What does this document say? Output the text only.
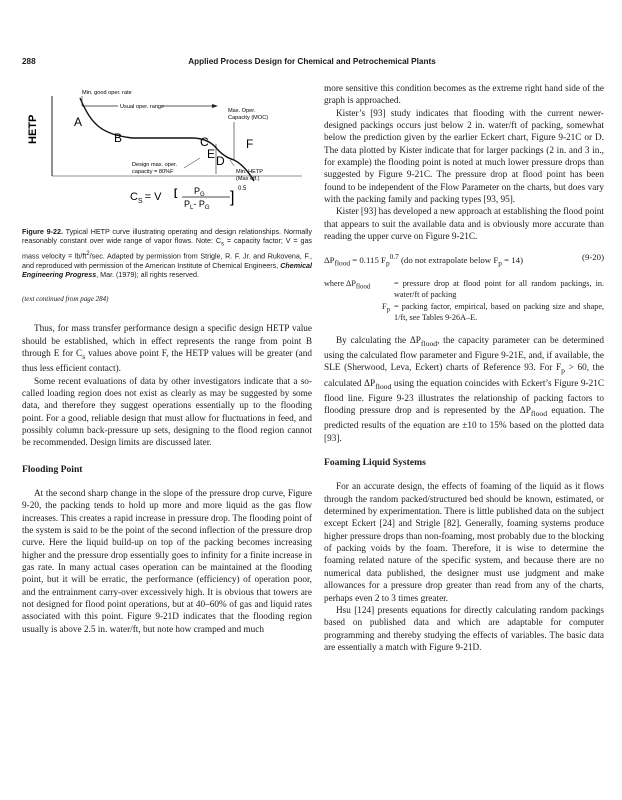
288	Applied Process Design for Chemical and Petrochemical Plants
HETP
Min. good oper. rate
Usual oper. range
Max. Oper.
Capacity (MOC)
A
B	C
E D
F
Design max. oper.
capacity = 80%F	Min. HETP
(Max eff.)
$C_S = V$ [ $P_G$
$P_L-$ $P_G$
] 0.5

Figure 9-22. Typical HETP curve illustrating operating and design relationships. Normally reasonably constant over wide range of vapor flows. Note: $C_s$ = capacity factor; V = gas mass velocity = $lb/ft^2/\sec$. Adapted by permission from Strigle, R. F. Jr. and Rukovena, F., and reproduced with permission of the American Institute of Chemical Engineers, Chemical Engineering Progress, Mar. (1979); all rights reserved.

(text continued from page 284)

Thus, for mass transfer performance design a specific design HETP value should be established, which in effect represents the range from point B through E for $C_s$ values above point F, the HETP values will be greater (and thus less efficient contact).

Some recent evaluations of data by other investigators indicate that a so-called loading region does not exist as clearly as may be suggested by some data, and therefore they suggest operations essentially up to the flooding point. For a good, reliable design that must allow for fluctuations in feed, and possibly column back-pressure up sets, designing to the flood region cannot be recommended. Design limits are discussed later.

Flooding Point

At the second sharp change in the slope of the pressure drop curve, Figure 9-20, the packing tends to hold up more and more liquid as the gas flow increases. This creates a rapid increase in pressure drop. The flooding point of the system is said to be the point of the second inflection of the pressure drop curve. Here the liquid build-up on top of the packing becomes increasing higher and the pressure drop essentially goes to infinity for a finite increase in gas rate. In many actual cases operation can be maintained at the flooding point, but it will be erratic, the performance (efficiency) of operation poor, and the entrainment carry-over excessively high. It is obvious that towers are not designed for flood point operations, but at 40–60% of gas and liquid rates associated with this point. Figure 9-21D indicates that the flooding region usually is above 2.5 in. water/ft, but note how cramped and much

more sensitive this condition becomes as the extreme right hand side of the graph is approached.

Kister’s [93] study indicates that flooding with the current newer-designed packings occurs just below 2 in. water/ft of packing, somewhat below the prediction given by the earlier Eckert chart, Figure 9-21C or D. The data plotted by Kister indicate that for larger packings (2 in. and 3 in., for example) the flooding point is noted at much lower pressure drops than suggested by Figure 9-21C. The pressure drop at flood point has been found to be independent of the Flow Parameter on the charts, but does vary with the packing family and packing types [93, 95].

Kister [93] has developed a new approach at establishing the flood point that appears to suit the available data and is obviously more accurate than reading the upper curve on Figure 9-21C.

$\Delta P_{flood} = 0.115$ $F_p^{0.7}$ (do not extrapolate below $F_p = 14$)	(9-20)

where $\Delta P_{flood}$	= pressure drop at flood point for all random packings, in. water/ft of packing
$F_p$ = packing factor, empirical, based on packing size and shape, 1/ft, see Tables 9-26A–E.

By calculating the $\Delta P_{flood}$, the capacity parameter can be determined using the calculated flow parameter and Figure 9-21E, and, if available, the SLE (Sherwood, Leva, Eckert) charts of Reference 93. For $F_p > 60$, the calculated $\Delta P_{flood}$ using the equation coincides with Eckert’s Figure 9-21C flood line. Figure 9-23 illustrates the relationship of packing factors to flooding pressure drop and is represented by the $\Delta P_{flood}$ equation. The predicted results of the equation are ±10 to 15% based on the plotted data [93].

Foaming Liquid Systems

For an accurate design, the effects of foaming of the liquid as it flows through the random packed/structured bed should be known, estimated, or determined by experimentation. There is little published data on the subject except Eckert [24] and Strigle [82]. Generally, foaming systems produce higher pressure drops than non-foaming, most probably due to the blocking of packing voids by the foam. Therefore, it is wise to determine the foaming related nature of the specific system, and because there are no numerical data published, the designer must use judgment and make allowances for a pressure drop greater than read from any of the charts, perhaps even 2 to 3 times greater.

Hsu [124] presents equations for directly calculating random packings based on published data and which are adaptable for computer programming and thereby studying the effects of variables. The basic data are essentially a match with Figure 9-21D.
